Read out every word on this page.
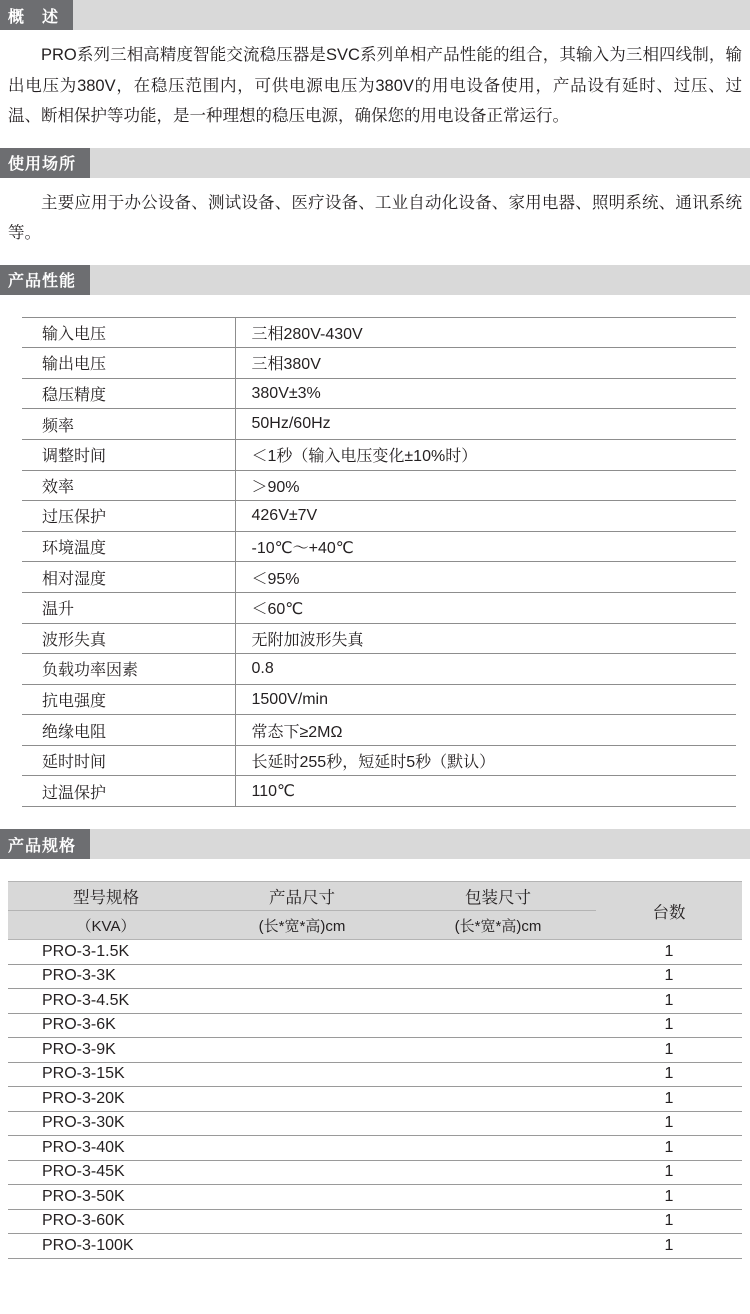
概　述
PRO系列三相高精度智能交流稳压器是SVC系列单相产品性能的组合，其输入为三相四线制，输出电压为380V，在稳压范围内，可供电源电压为380V的用电设备使用，产品设有延时、过压、过温、断相保护等功能，是一种理想的稳压电源，确保您的用电设备正常运行。
使用场所
主要应用于办公设备、测试设备、医疗设备、工业自动化设备、家用电器、照明系统、通讯系统等。
产品性能
输入电压	三相280V-430V
输出电压	三相380V
稳压精度	380V±3%
频率	50Hz/60Hz
调整时间	＜1秒（输入电压变化±10%时）
效率	＞90%
过压保护	426V±7V
环境温度	-10℃～+40℃
相对湿度	＜95%
温升	＜60℃
波形失真	无附加波形失真
负载功率因素	0.8
抗电强度	1500V/min
绝缘电阻	常态下≥2MΩ
延时时间	长延时255秒，短延时5秒（默认）
过温保护	110℃
产品规格
型号规格	产品尺寸	包装尺寸	台数
（KVA）	(长*宽*高)cm	(长*宽*高)cm	
PRO-3-1.5K			1
PRO-3-3K			1
PRO-3-4.5K			1
PRO-3-6K			1
PRO-3-9K			1
PRO-3-15K			1
PRO-3-20K			1
PRO-3-30K			1
PRO-3-40K			1
PRO-3-45K			1
PRO-3-50K			1
PRO-3-60K			1
PRO-3-100K			1
